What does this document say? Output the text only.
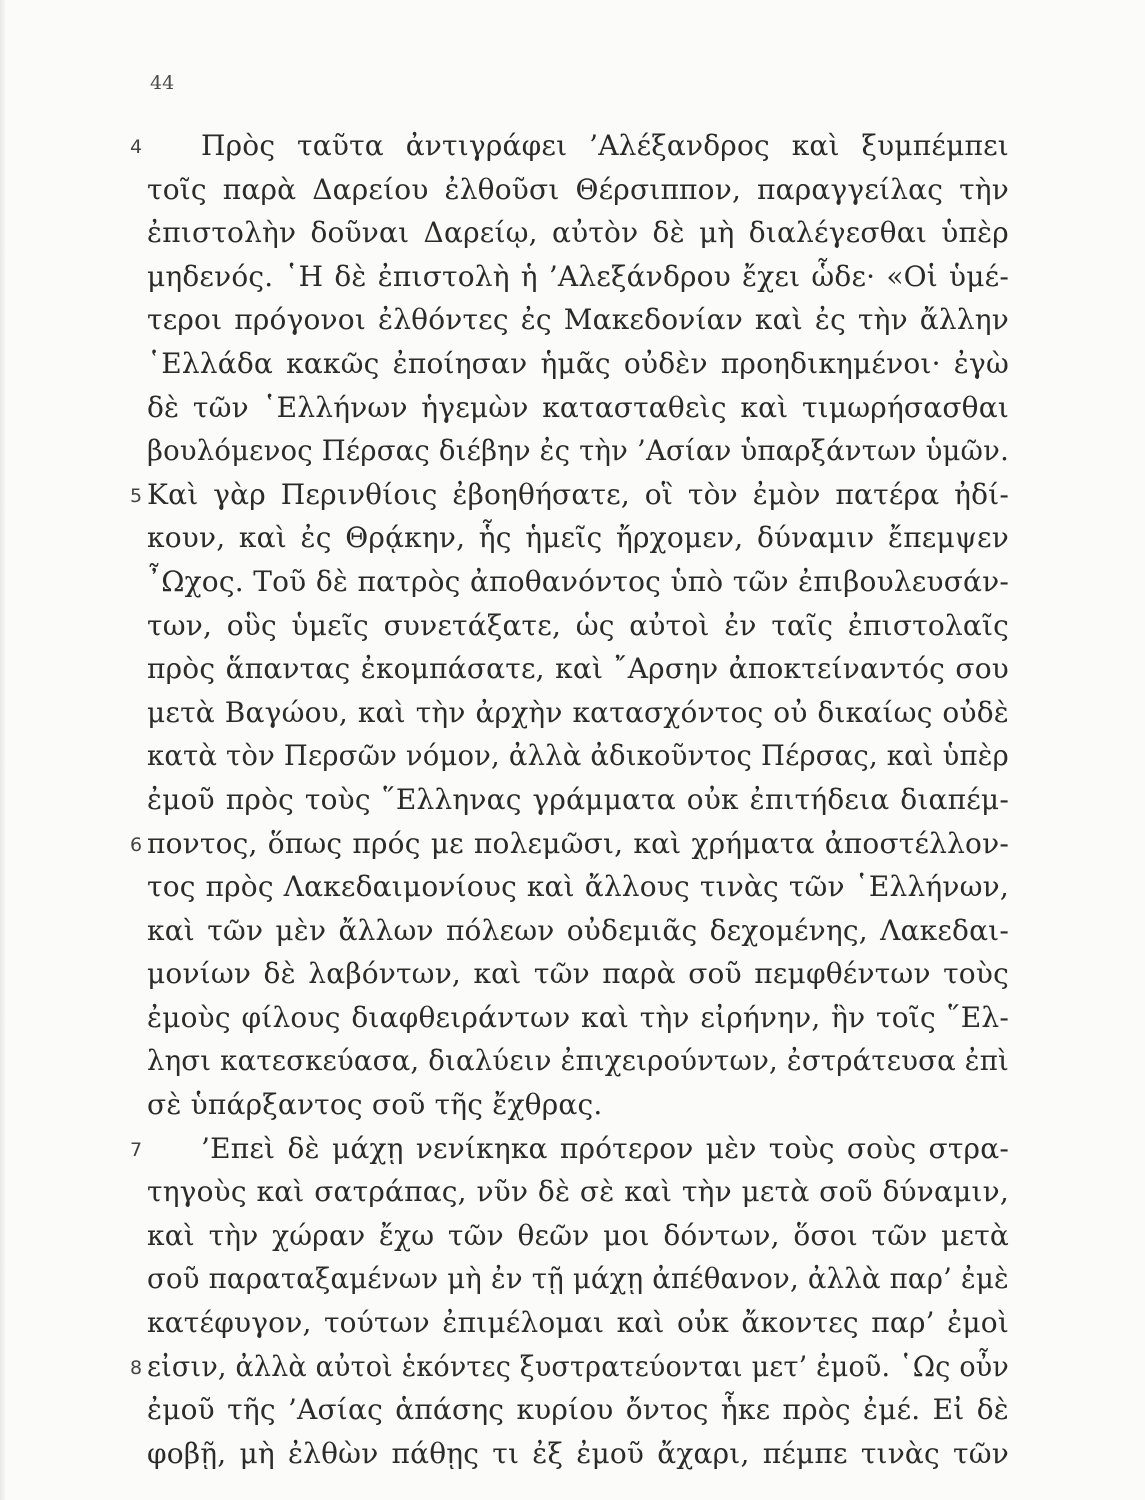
44
4 Πρὸς ταῦτα ἀντιγράφει ’Αλέξανδρος καὶ ξυμπέμπει
τοῖς παρὰ Δαρείου ἐλθοῦσι Θέρσιππον, παραγγείλας τὴν
ἐπιστολὴν δοῦναι Δαρείῳ, αὐτὸν δὲ μὴ διαλέγεσθαι ὑπὲρ
μηδενός. ῾Η δὲ ἐπιστολὴ ἡ ’Αλεξάνδρου ἔχει ὧδε· «Οἱ ὑμέ-
τεροι πρόγονοι ἐλθόντες ἐς Μακεδονίαν καὶ ἐς τὴν ἄλλην
῾Ελλάδα κακῶς ἐποίησαν ἡμᾶς οὐδὲν προηδικημένοι· ἐγὼ
δὲ τῶν ῾Ελλήνων ἡγεμὼν κατασταθεὶς καὶ τιμωρήσασθαι
βουλόμενος Πέρσας διέβην ἐς τὴν ’Ασίαν ὑπαρξάντων ὑμῶν.
5 Καὶ γὰρ Περινθίοις ἐβοηθήσατε, οἳ τὸν ἐμὸν πατέρα ἠδί-
κουν, καὶ ἐς Θρᾴκην, ἧς ἡμεῖς ἤρχομεν, δύναμιν ἔπεμψεν
῏Ωχος. Τοῦ δὲ πατρὸς ἀποθανόντος ὑπὸ τῶν ἐπιβουλευσάν-
των, οὓς ὑμεῖς συνετάξατε, ὡς αὐτοὶ ἐν ταῖς ἐπιστολαῖς
πρὸς ἅπαντας ἐκομπάσατε, καὶ ῎Αρσην ἀποκτείναντός σου
μετὰ Βαγώου, καὶ τὴν ἀρχὴν κατασχόντος οὐ δικαίως οὐδὲ
κατὰ τὸν Περσῶν νόμον, ἀλλὰ ἀδικοῦντος Πέρσας, καὶ ὑπὲρ
ἐμοῦ πρὸς τοὺς ῞Ελληνας γράμματα οὐκ ἐπιτήδεια διαπέμ-
6 ποντος, ὅπως πρός με πολεμῶσι, καὶ χρήματα ἀποστέλλον-
τος πρὸς Λακεδαιμονίους καὶ ἄλλους τινὰς τῶν ῾Ελλήνων,
καὶ τῶν μὲν ἄλλων πόλεων οὐδεμιᾶς δεχομένης, Λακεδαι-
μονίων δὲ λαβόντων, καὶ τῶν παρὰ σοῦ πεμφθέντων τοὺς
ἐμοὺς φίλους διαφθειράντων καὶ τὴν εἰρήνην, ἣν τοῖς ῞Ελ-
λησι κατεσκεύασα, διαλύειν ἐπιχειρούντων, ἐστράτευσα ἐπὶ
σὲ ὑπάρξαντος σοῦ τῆς ἔχθρας.
7 ’Επεὶ δὲ μάχῃ νενίκηκα πρότερον μὲν τοὺς σοὺς στρα-
τηγοὺς καὶ σατράπας, νῦν δὲ σὲ καὶ τὴν μετὰ σοῦ δύναμιν,
καὶ τὴν χώραν ἔχω τῶν θεῶν μοι δόντων, ὅσοι τῶν μετὰ
σοῦ παραταξαμένων μὴ ἐν τῇ μάχῃ ἀπέθανον, ἀλλὰ παρ’ ἐμὲ
κατέφυγον, τούτων ἐπιμέλομαι καὶ οὐκ ἄκοντες παρ’ ἐμοὶ
8 εἰσιν, ἀλλὰ αὐτοὶ ἑκόντες ξυστρατεύονται μετ’ ἐμοῦ. ῾Ως οὖν
ἐμοῦ τῆς ’Ασίας ἁπάσης κυρίου ὄντος ἧκε πρὸς ἐμέ. Εἰ δὲ
φοβῇ, μὴ ἐλθὼν πάθῃς τι ἐξ ἐμοῦ ἄχαρι, πέμπε τινὰς τῶν
